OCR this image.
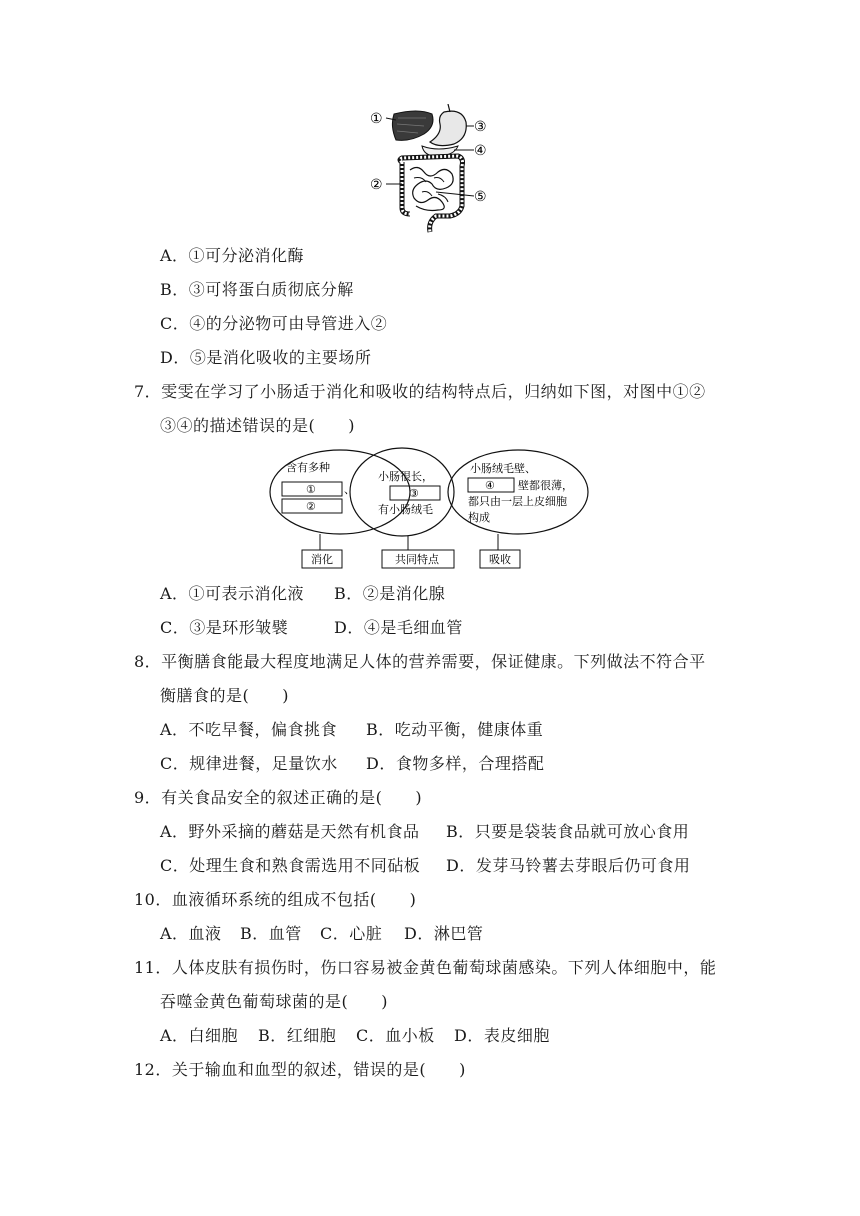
①
②
③
④
⑤
A．①可分泌消化酶
B．③可将蛋白质彻底分解
C．④的分泌物可由导管进入②
D．⑤是消化吸收的主要场所
7．雯雯在学习了小肠适于消化和吸收的结构特点后，归纳如下图，对图中①②
③④的描述错误的是(　　)
含有多种
①	、
②
小肠很长，
③
有小肠绒毛
小肠绒毛壁、
④ 壁都很薄，
都只由一层上皮细胞
构成
消化	共同特点	吸收
A．①可表示消化液 B．②是消化腺
C．③是环形皱襞	D．④是毛细血管
8．平衡膳食能最大程度地满足人体的营养需要，保证健康。下列做法不符合平
衡膳食的是(　　)
A．不吃早餐，偏食挑食 B．吃动平衡，健康体重
C．规律进餐，足量饮水 D．食物多样，合理搭配
9．有关食品安全的叙述正确的是(　　)
A．野外采摘的蘑菇是天然有机食品 B．只要是袋装食品就可放心食用
C．处理生食和熟食需选用不同砧板 D．发芽马铃薯去芽眼后仍可食用
10．血液循环系统的组成不包括(　　)
A．血液 B．血管 C．心脏 D．淋巴管
11．人体皮肤有损伤时，伤口容易被金黄色葡萄球菌感染。下列人体细胞中，能
吞噬金黄色葡萄球菌的是(　　)
A．白细胞 B．红细胞 C．血小板 D．表皮细胞
12．关于输血和血型的叙述，错误的是(　　)
